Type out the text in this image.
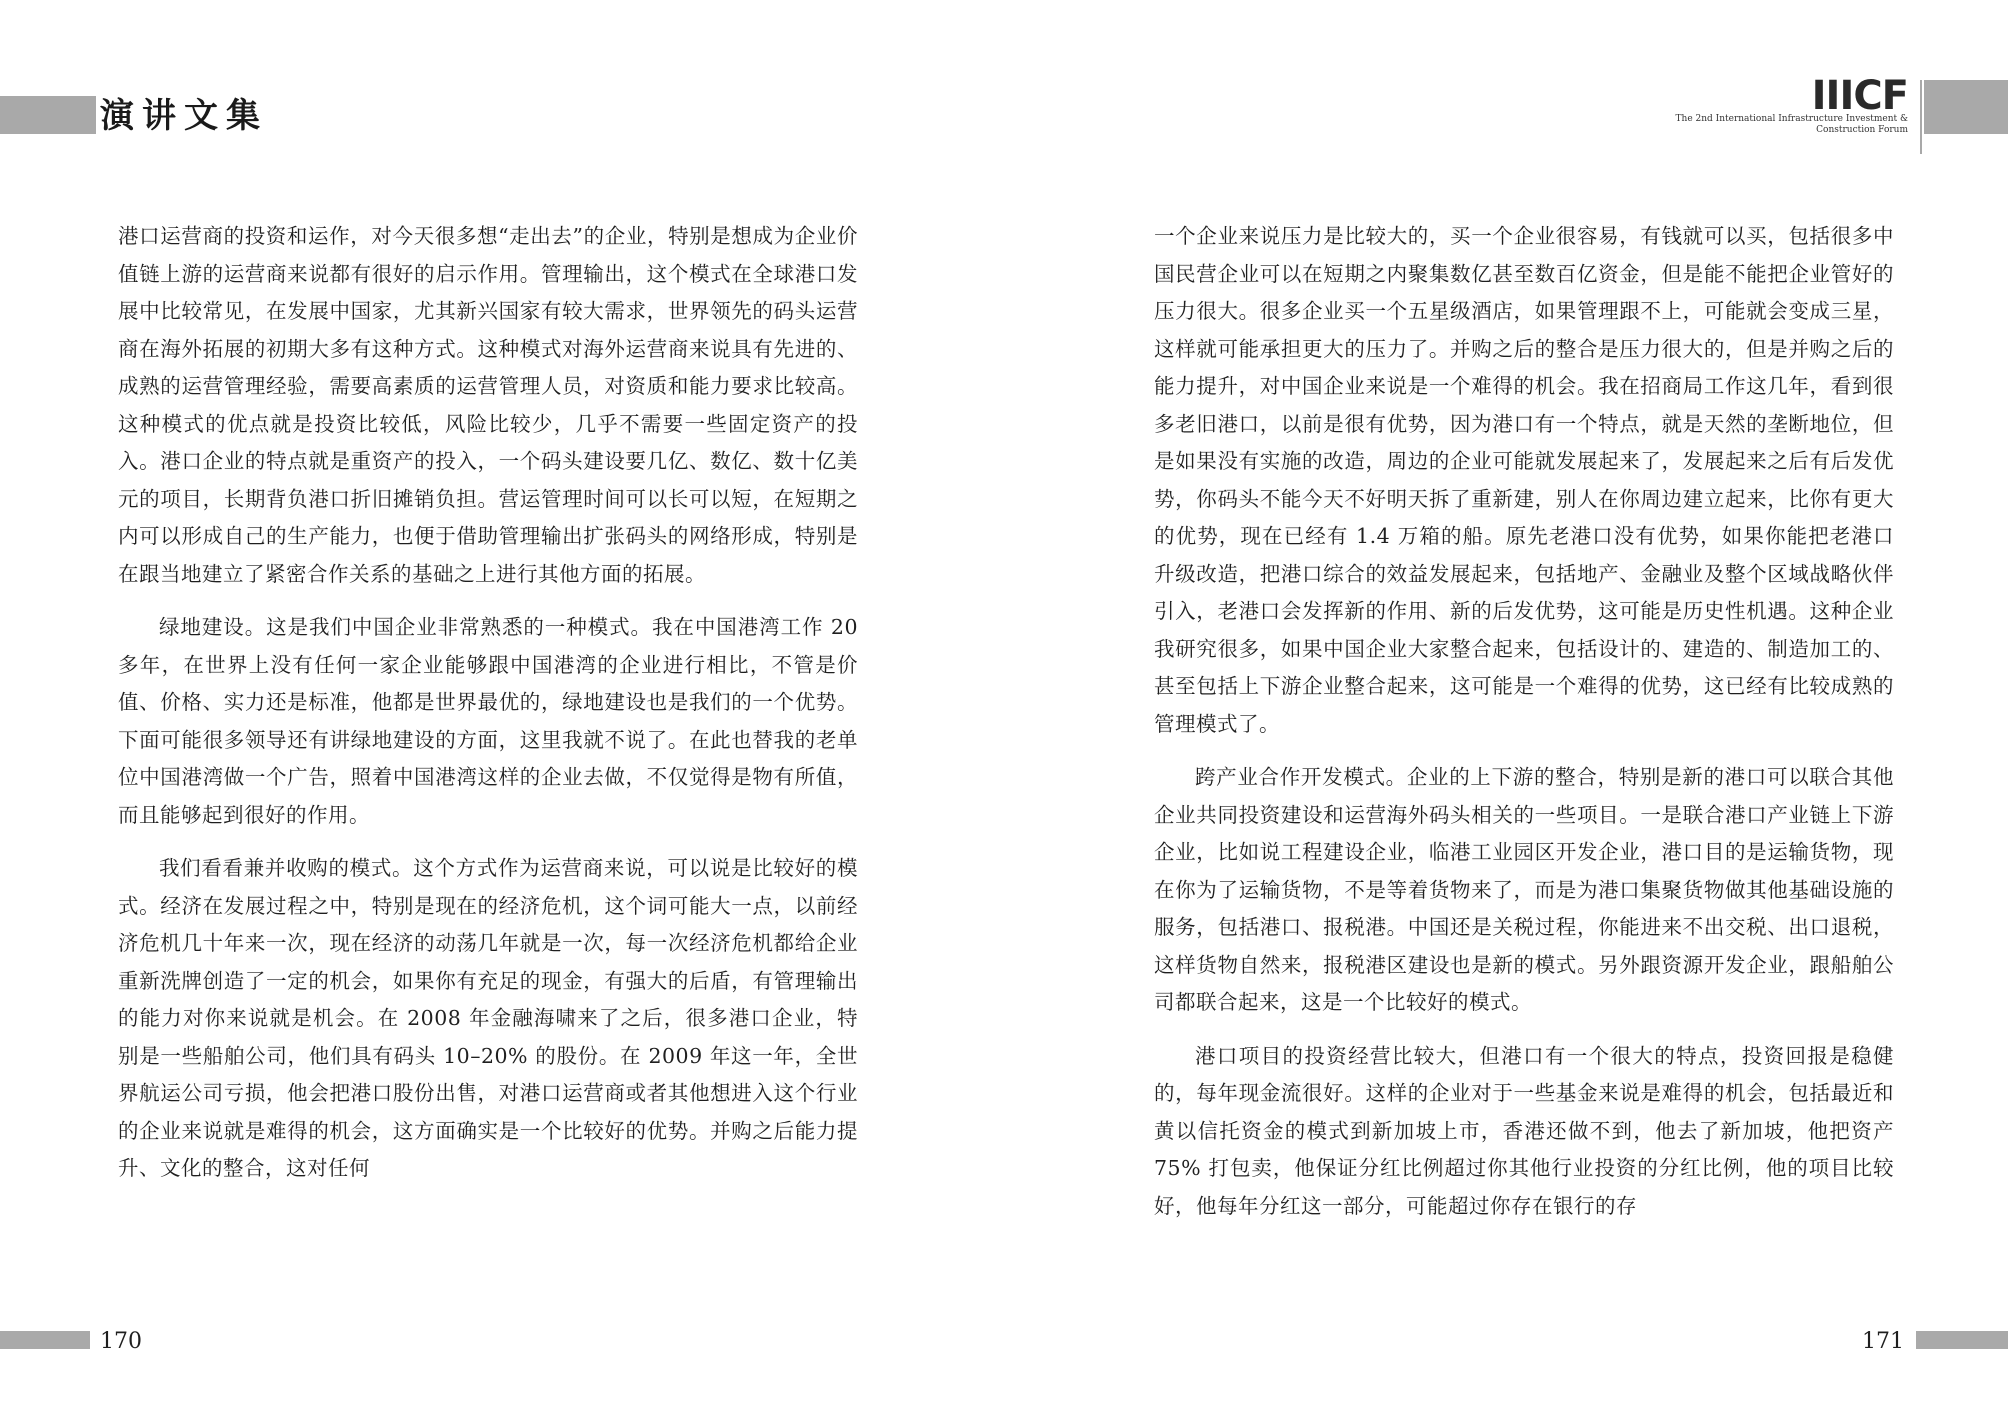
演讲文集

港口运营商的投资和运作，对今天很多想“走出去”的企业，特别是想成为企业价值链上游的运营商来说都有很好的启示作用。管理输出，这个模式在全球港口发展中比较常见，在发展中国家，尤其新兴国家有较大需求，世界领先的码头运营商在海外拓展的初期大多有这种方式。这种模式对海外运营商来说具有先进的、成熟的运营管理经验，需要高素质的运营管理人员，对资质和能力要求比较高。这种模式的优点就是投资比较低，风险比较少，几乎不需要一些固定资产的投入。港口企业的特点就是重资产的投入，一个码头建设要几亿、数亿、数十亿美元的项目，长期背负港口折旧摊销负担。营运管理时间可以长可以短，在短期之内可以形成自己的生产能力，也便于借助管理输出扩张码头的网络形成，特别是在跟当地建立了紧密合作关系的基础之上进行其他方面的拓展。

绿地建设。这是我们中国企业非常熟悉的一种模式。我在中国港湾工作 20 多年，在世界上没有任何一家企业能够跟中国港湾的企业进行相比，不管是价值、价格、实力还是标准，他都是世界最优的，绿地建设也是我们的一个优势。下面可能很多领导还有讲绿地建设的方面，这里我就不说了。在此也替我的老单位中国港湾做一个广告，照着中国港湾这样的企业去做，不仅觉得是物有所值，而且能够起到很好的作用。

我们看看兼并收购的模式。这个方式作为运营商来说，可以说是比较好的模式。经济在发展过程之中，特别是现在的经济危机，这个词可能大一点，以前经济危机几十年来一次，现在经济的动荡几年就是一次，每一次经济危机都给企业重新洗牌创造了一定的机会，如果你有充足的现金，有强大的后盾，有管理输出的能力对你来说就是机会。在 2008 年金融海啸来了之后，很多港口企业，特别是一些船舶公司，他们具有码头 10–20% 的股份。在 2009 年这一年，全世界航运公司亏损，他会把港口股份出售，对港口运营商或者其他想进入这个行业的企业来说就是难得的机会，这方面确实是一个比较好的优势。并购之后能力提升、文化的整合，这对任何

170
IIICF
The 2nd International Infrastructure Investment &
Construction Forum

一个企业来说压力是比较大的，买一个企业很容易，有钱就可以买，包括很多中国民营企业可以在短期之内聚集数亿甚至数百亿资金，但是能不能把企业管好的压力很大。很多企业买一个五星级酒店，如果管理跟不上，可能就会变成三星，这样就可能承担更大的压力了。并购之后的整合是压力很大的，但是并购之后的能力提升，对中国企业来说是一个难得的机会。我在招商局工作这几年，看到很多老旧港口，以前是很有优势，因为港口有一个特点，就是天然的垄断地位，但是如果没有实施的改造，周边的企业可能就发展起来了，发展起来之后有后发优势，你码头不能今天不好明天拆了重新建，别人在你周边建立起来，比你有更大的优势，现在已经有 1.4 万箱的船。原先老港口没有优势，如果你能把老港口升级改造，把港口综合的效益发展起来，包括地产、金融业及整个区域战略伙伴引入，老港口会发挥新的作用、新的后发优势，这可能是历史性机遇。这种企业我研究很多，如果中国企业大家整合起来，包括设计的、建造的、制造加工的、甚至包括上下游企业整合起来，这可能是一个难得的优势，这已经有比较成熟的管理模式了。

跨产业合作开发模式。企业的上下游的整合，特别是新的港口可以联合其他企业共同投资建设和运营海外码头相关的一些项目。一是联合港口产业链上下游企业，比如说工程建设企业，临港工业园区开发企业，港口目的是运输货物，现在你为了运输货物，不是等着货物来了，而是为港口集聚货物做其他基础设施的服务，包括港口、报税港。中国还是关税过程，你能进来不出交税、出口退税，这样货物自然来，报税港区建设也是新的模式。另外跟资源开发企业，跟船舶公司都联合起来，这是一个比较好的模式。

港口项目的投资经营比较大，但港口有一个很大的特点，投资回报是稳健的，每年现金流很好。这样的企业对于一些基金来说是难得的机会，包括最近和黄以信托资金的模式到新加坡上市，香港还做不到，他去了新加坡，他把资产 75% 打包卖，他保证分红比例超过你其他行业投资的分红比例，他的项目比较好，他每年分红这一部分，可能超过你存在银行的存

171
